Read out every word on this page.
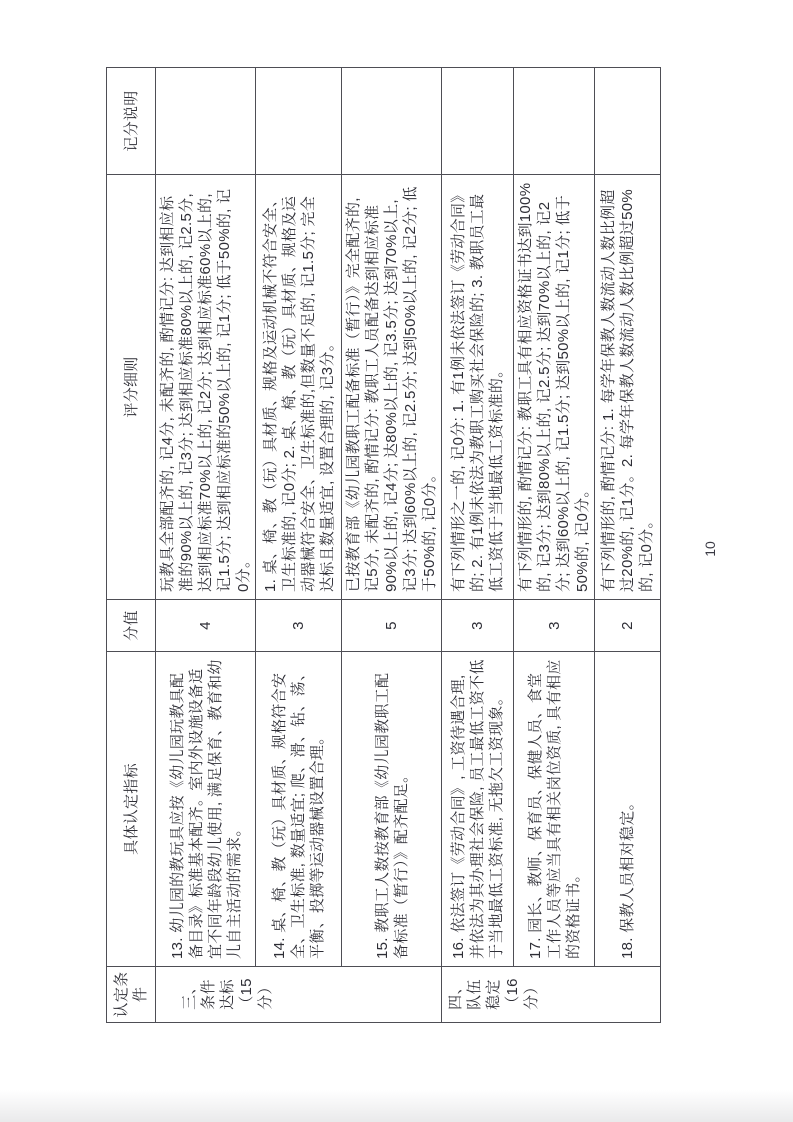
认定条件	具体认定指标	分值	评分细则	记分说明

三、 条件 达标 （15分）	13. 幼儿园的教玩具应按《幼儿园玩教具配备目录》标准基本配齐。室内外设施设备适宜不同年龄段幼儿使用, 满足保育、教育和幼儿自主活动的需求。	4	玩教具全部配齐的, 记4分, 未配齐的, 酌情记分: 达到相应标准的90%以上的, 记3分; 达到相应标准80%以上的, 记2.5分, 达到相应标准70%以上的, 记2分; 达到相应标准60%以上的, 记1.5分; 达到相应标准的50%以上的, 记1分; 低于50%的, 记0分。	
	14. 桌、椅、教（玩）具材质、规格符合安全、卫生标准, 数量适宜; 爬、滑、钻、荡、平衡、投掷等运动器械设置合理。	3	1. 桌、椅、教（玩）具材质、规格及运动机械不符合安全、卫生标准的, 记0分; 2. 桌、椅、教（玩）具材质、规格及运动器械符合安全、卫生标准的,但数量不足的, 记1.5分; 完全达标且数量适宜, 设置合理的, 记3分。	
	15. 教职工人数按教育部《幼儿园教职工配备标准（暂行）》配齐配足。	5	已按教育部《幼儿园教职工配备标准（暂行）》完全配齐的, 记5分, 未配齐的, 酌情记分: 教职工人员配备达到相应标准90%以上的, 记4分; 达80%以上的, 记3.5分; 达到70%以上, 记3分; 达到60%以上的, 记2.5分; 达到50%以上的, 记2分; 低于50%的, 记0分。	

四、 队伍 稳定 （16分）	16. 依法签订《劳动合同》, 工资待遇合理, 并依法为其办理社会保险, 员工最低工资不低于当地最低工资标准, 无拖欠工资现象。	3	有下列情形之一的, 记0分: 1. 有1例未依法签订《劳动合同》的; 2. 有1例未依法为教职工购买社会保险的; 3. 教职员工最低工资低于当地最低工资标准的。	
	17. 园长、教师、保育员、保健人员、食堂工作人员等应当具有相关岗位资质, 具有相应的资格证书。	3	有下列情形的, 酌情记分: 教职工具有相应资格证书达到100%的, 记3分; 达到80%以上的, 记2.5分; 达到70%以上的, 记2分; 达到60%以上的, 记1.5分; 达到50%以上的, 记1分; 低于50%的, 记0分。	
	18. 保教人员相对稳定。	2	有下列情形的, 酌情记分: 1. 每学年保教人数流动人数比例超过20%的, 记1分。2. 每学年保教人数流动人数比例超过50%的, 记0分。		10
